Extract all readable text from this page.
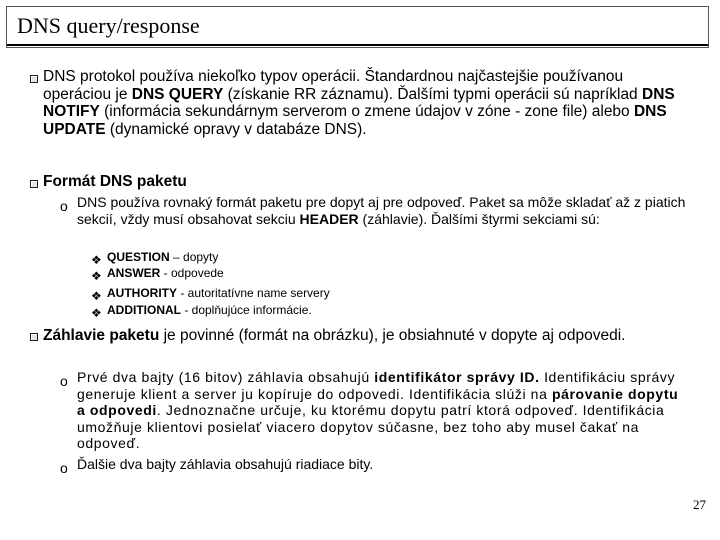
DNS query/response
DNS protokol používa niekoľko typov operácii. Štandardnou najčastejšie používanou operáciou je DNS QUERY (získanie RR záznamu). Ďalšími typmi operácii sú napríklad DNS NOTIFY (informácia sekundárnym serverom o zmene údajov v zóne - zone file) alebo DNS UPDATE (dynamické opravy v databáze DNS).
Formát DNS paketu
o DNS používa rovnaký formát paketu pre dopyt aj pre odpoveď. Paket sa môže skladať až z piatich sekcií, vždy musí obsahovat sekciu HEADER (záhlavie). Ďalšími štyrmi sekciami sú:
❖ QUESTION – dopyty
❖ ANSWER - odpovede
❖ AUTHORITY - autoritatívne name servery
❖ ADDITIONAL - doplňujúce informácie.
Záhlavie paketu je povinné (formát na obrázku), je obsiahnuté v dopyte aj odpovedi.
o Prvé dva bajty (16 bitov) záhlavia obsahujú identifikátor správy ID. Identifikáciu správy generuje klient a server ju kopíruje do odpovedi. Identifikácia slúži na párovanie dopytu a odpovedi. Jednoznačne určuje, ku ktorému dopytu patrí ktorá odpoveď. Identifikácia umožňuje klientovi posielať viacero dopytov súčasne, bez toho aby musel čakať na odpoveď.
o Ďalšie dva bajty záhlavia obsahujú riadiace bity.
27
